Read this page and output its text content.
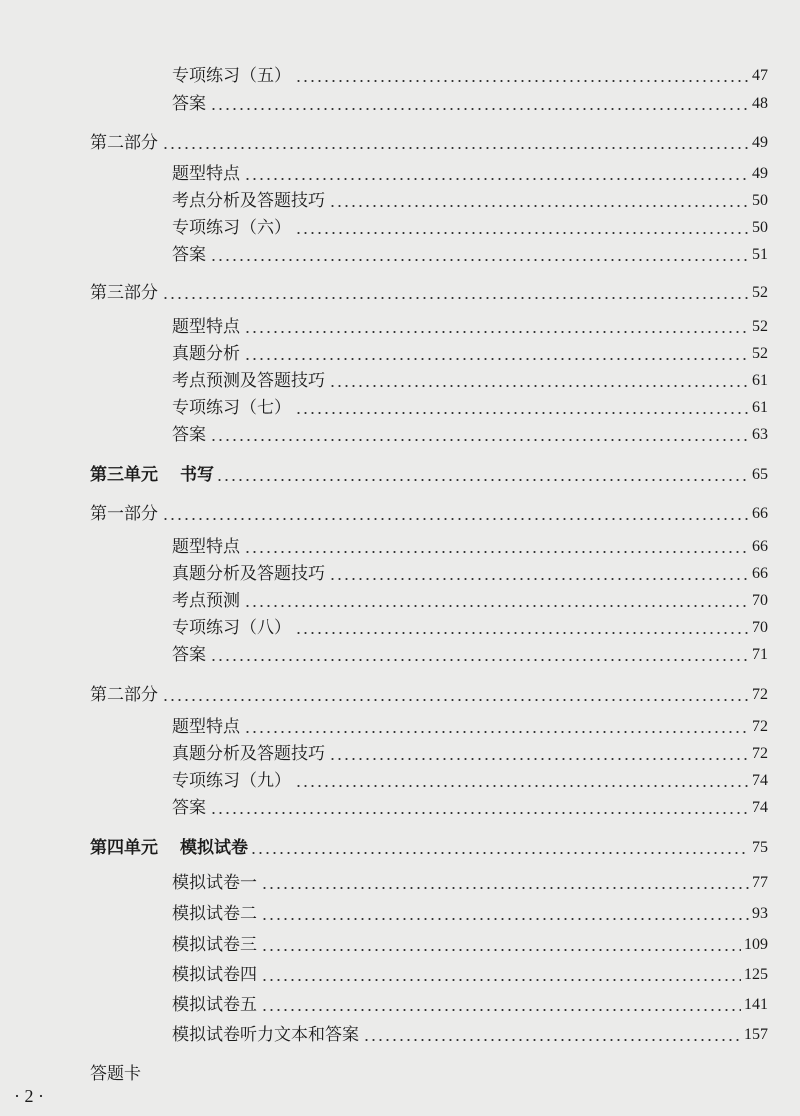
专项练习（五）	47
答案	48
第二部分	49
题型特点	49
考点分析及答题技巧	50
专项练习（六）	50
答案	51
第三部分	52
题型特点	52
真题分析	52
考点预测及答题技巧	61
专项练习（七）	61
答案	63
第三单元 书写	65
第一部分	66
题型特点	66
真题分析及答题技巧	66
考点预测	70
专项练习（八）	70
答案	71
第二部分	72
题型特点	72
真题分析及答题技巧	72
专项练习（九）	74
答案	74
第四单元 模拟试卷	75
模拟试卷一	77
模拟试卷二	93
模拟试卷三	109
模拟试卷四	125
模拟试卷五	141
模拟试卷听力文本和答案	157
答题卡
· 2 ·
